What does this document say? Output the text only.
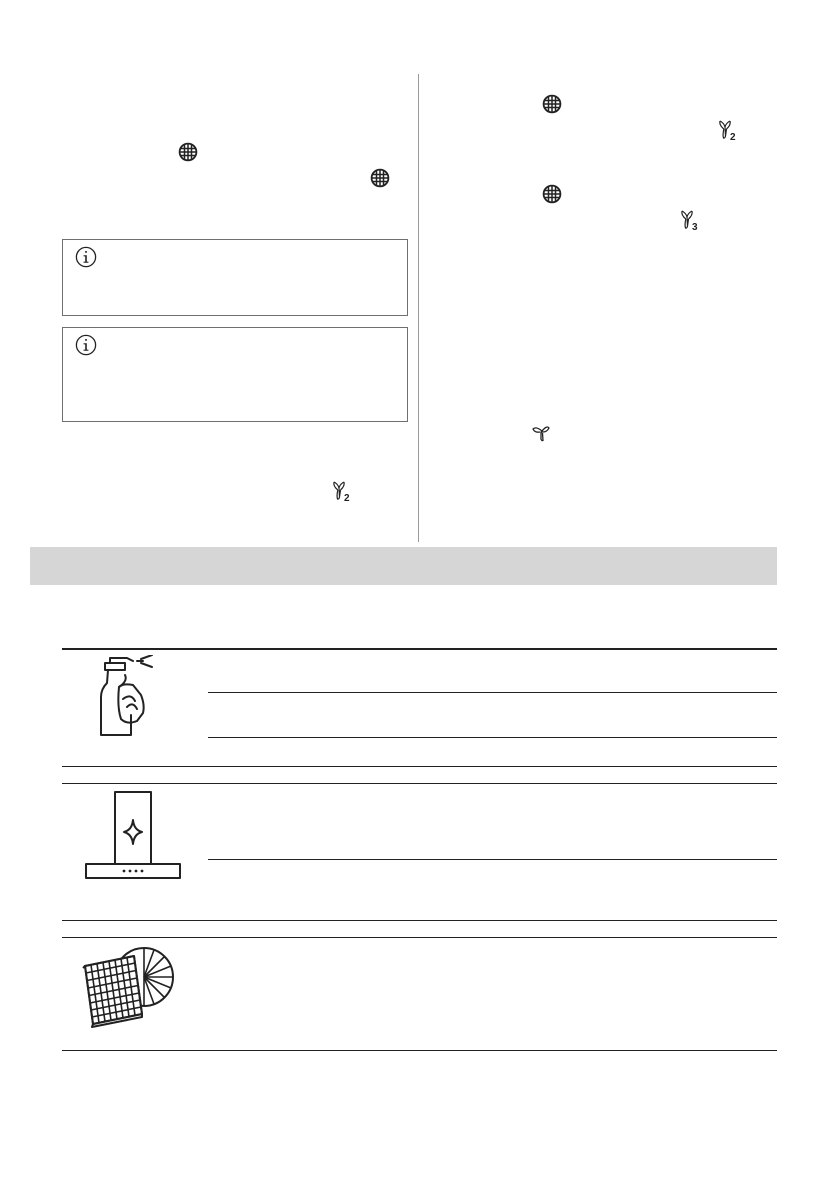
2
2
3
